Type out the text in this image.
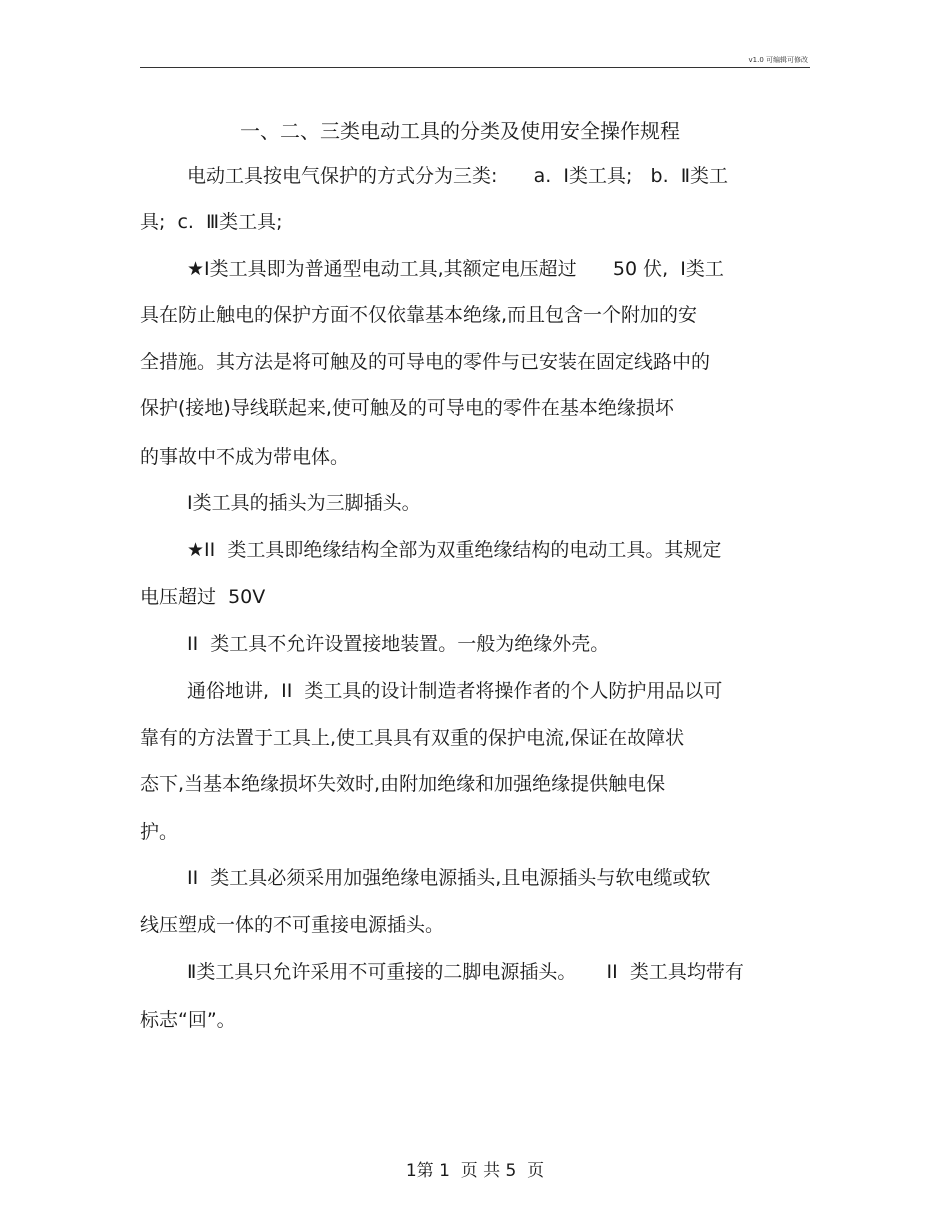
v1.0 可编辑可修改
一、二、三类电动工具的分类及使用安全操作规程
电动工具按电气保护的方式分为三类:      a.  Ⅰ类工具;   b.  Ⅱ类工
具;  c.  Ⅲ类工具;
★Ⅰ类工具即为普通型电动工具,其额定电压超过      50 伏,  Ⅰ类工
具在防止触电的保护方面不仅依靠基本绝缘,而且包含一个附加的安
全措施。其方法是将可触及的可导电的零件与已安装在固定线路中的
保护(接地)导线联起来,使可触及的可导电的零件在基本绝缘损坏
的事故中不成为带电体。
Ⅰ类工具的插头为三脚插头。
★II  类工具即绝缘结构全部为双重绝缘结构的电动工具。其规定
电压超过  50V
II  类工具不允许设置接地装置。一般为绝缘外壳。
通俗地讲,  II  类工具的设计制造者将操作者的个人防护用品以可
靠有的方法置于工具上,使工具具有双重的保护电流,保证在故障状
态下,当基本绝缘损坏失效时,由附加绝缘和加强绝缘提供触电保
护。
II  类工具必须采用加强绝缘电源插头,且电源插头与软电缆或软
线压塑成一体的不可重接电源插头。
Ⅱ类工具只允许采用不可重接的二脚电源插头。     II  类工具均带有
标志“回”。
1第 1  页 共 5  页
